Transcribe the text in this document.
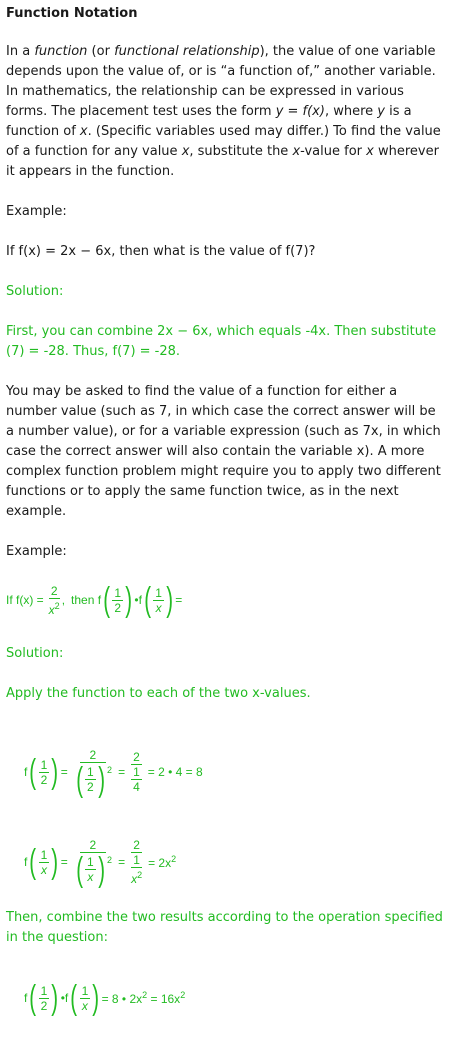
Function Notation

In a function (or functional relationship), the value of one variable depends upon the value of, or is “a function of,” another variable. In mathematics, the relationship can be expressed in various forms. The placement test uses the form y = f(x), where y is a function of x. (Specific variables used may differ.) To find the value of a function for any value x, substitute the x-value for x wherever it appears in the function.

Example:

If f(x) = 2x − 6x, then what is the value of f(7)?

Solution:

First, you can combine 2x − 6x, which equals -4x. Then substitute (7) = -28. Thus, f(7) = -28.

You may be asked to find the value of a function for either a number value (such as 7, in which case the correct answer will be a number value), or for a variable expression (such as 7x, in which case the correct answer will also contain the variable x). A more complex function problem might require you to apply two different functions or to apply the same function twice, as in the next example.

Example:

If $f(x) = \frac{2}{x^2}$ , then f ( $\frac{1}{2}$ ) •f ( $\frac{1}{x}$ ) =

Solution:

Apply the function to each of the two x-values.

f ( $\frac{1}{2}$ ) = $\frac{2}{( \frac{1}{2} ) ^2} = 2$
1
4 = 2 • 4 = 8
f ( $\frac{1}{x}$ ) = $\frac{2}{( \frac{1}{x} ) ^2} = 2$
1
$x^2 = 2x^2$

Then, combine the two results according to the operation specified in the question:

f ( $\frac{1}{2}$ ) •f ( $\frac{1}{x}$ ) = 8 • $2x^2 = 16x^2$
